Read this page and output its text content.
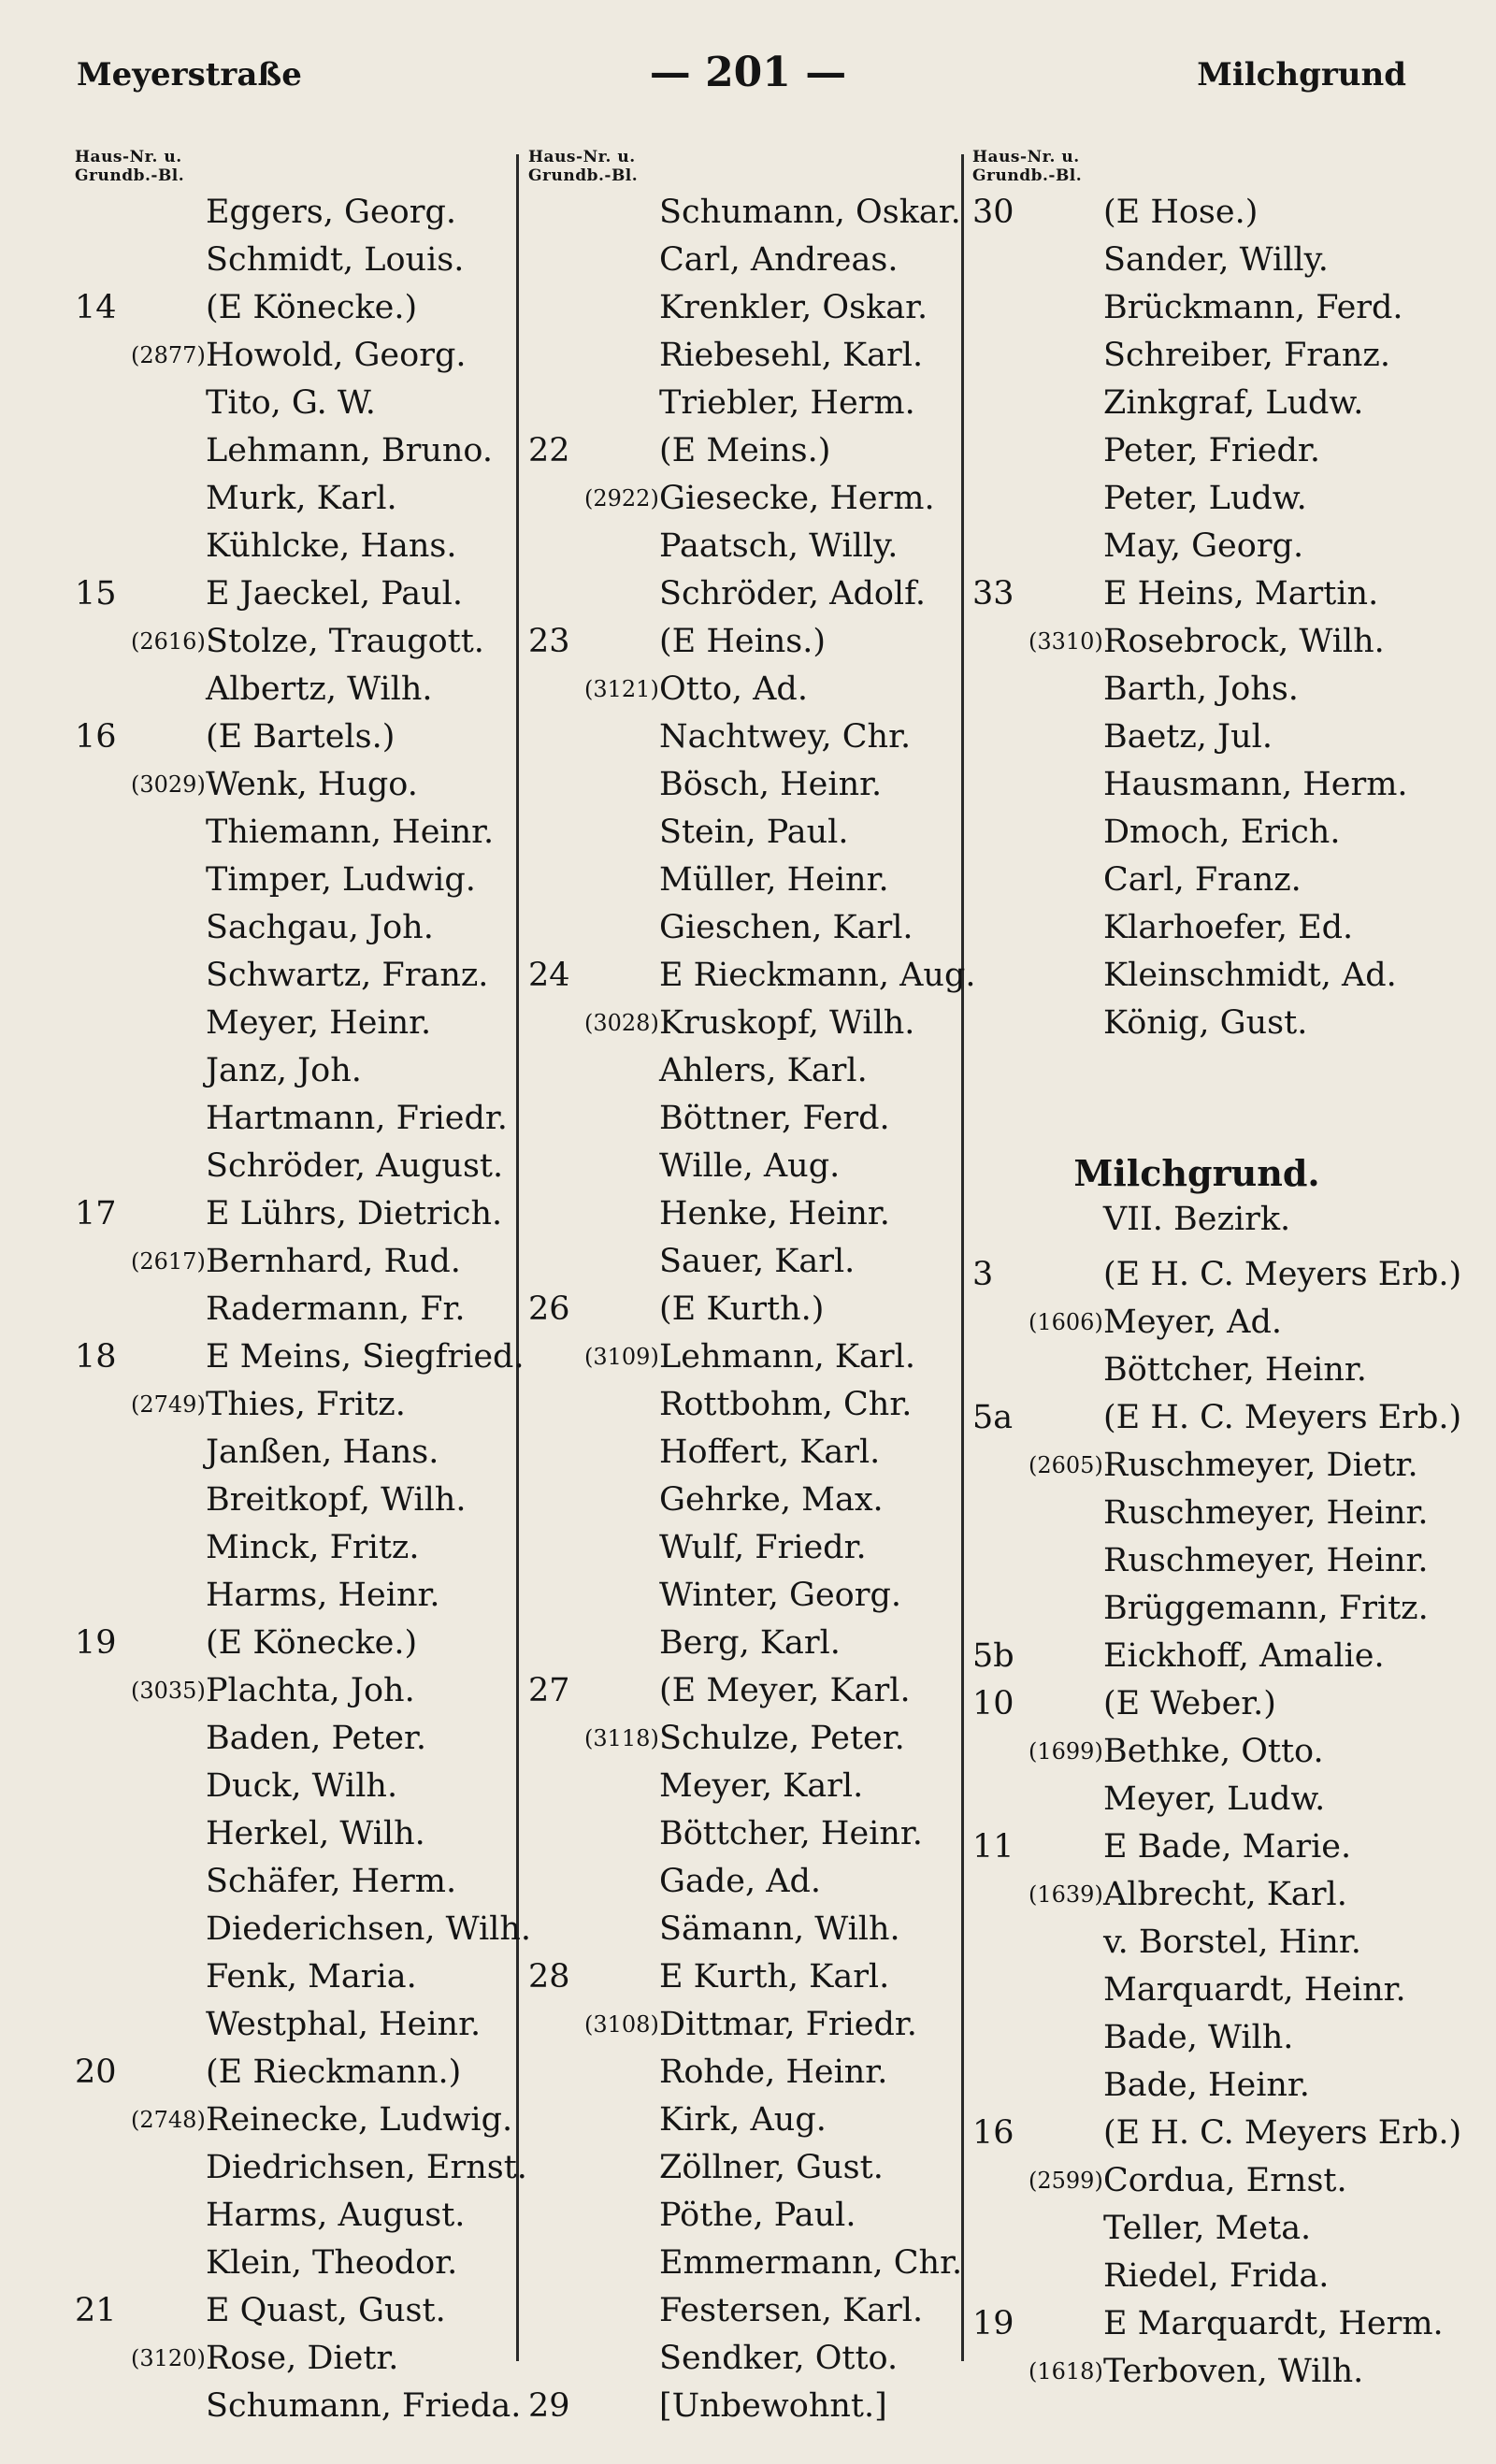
Meyerstraße	— 201 —	Milchgrund
Haus-Nr. u.
Grundb.-Bl.
Eggers, Georg.
Schmidt, Louis.
14	(E Könecke.)
(2877) Howold, Georg.
Tito, G. W.
Lehmann, Bruno.
Murk, Karl.
Kühlcke, Hans.
15	E Jaeckel, Paul.
(2616) Stolze, Traugott.
Albertz, Wilh.
16	(E Bartels.)
(3029) Wenk, Hugo.
Thiemann, Heinr.
Timper, Ludwig.
Sachgau, Joh.
Schwartz, Franz.
Meyer, Heinr.
Janz, Joh.
Hartmann, Friedr.
Schröder, August.
17	E Lührs, Dietrich.
(2617) Bernhard, Rud.
Radermann, Fr.
18	E Meins, Siegfried.
(2749) Thies, Fritz.
Janßen, Hans.
Breitkopf, Wilh.
Minck, Fritz.
Harms, Heinr.
19	(E Könecke.)
(3035) Plachta, Joh.
Baden, Peter.
Duck, Wilh.
Herkel, Wilh.
Schäfer, Herm.
Diederichsen, Wilh.
Fenk, Maria.
Westphal, Heinr.
20	(E Rieckmann.)
(2748) Reinecke, Ludwig.
Diedrichsen, Ernst.
Harms, August.
Klein, Theodor.
21	E Quast, Gust.
(3120) Rose, Dietr.
Schumann, Frieda.
Haus-Nr. u.
Grundb.-Bl.
Schumann, Oskar.
Carl, Andreas.
Krenkler, Oskar.
Riebesehl, Karl.
Triebler, Herm.
22	(E Meins.)
(2922) Giesecke, Herm.
Paatsch, Willy.
Schröder, Adolf.
23	(E Heins.)
(3121) Otto, Ad.
Nachtwey, Chr.
Bösch, Heinr.
Stein, Paul.
Müller, Heinr.
Gieschen, Karl.
24	E Rieckmann, Aug.
(3028) Kruskopf, Wilh.
Ahlers, Karl.
Böttner, Ferd.
Wille, Aug.
Henke, Heinr.
Sauer, Karl.
26	(E Kurth.)
(3109) Lehmann, Karl.
Rottbohm, Chr.
Hoffert, Karl.
Gehrke, Max.
Wulf, Friedr.
Winter, Georg.
Berg, Karl.
27	(E Meyer, Karl.
(3118) Schulze, Peter.
Meyer, Karl.
Böttcher, Heinr.
Gade, Ad.
Sämann, Wilh.
28	E Kurth, Karl.
(3108) Dittmar, Friedr.
Rohde, Heinr.
Kirk, Aug.
Zöllner, Gust.
Pöthe, Paul.
Emmermann, Chr.
Festersen, Karl.
Sendker, Otto.
29	[Unbewohnt.]
Haus-Nr. u.
Grundb.-Bl.
30	(E Hose.)
Sander, Willy.
Brückmann, Ferd.
Schreiber, Franz.
Zinkgraf, Ludw.
Peter, Friedr.
Peter, Ludw.
May, Georg.
33	E Heins, Martin.
(3310) Rosebrock, Wilh.
Barth, Johs.
Baetz, Jul.
Hausmann, Herm.
Dmoch, Erich.
Carl, Franz.
Klarhoefer, Ed.
Kleinschmidt, Ad.
König, Gust.
Milchgrund.
VII. Bezirk.
3	(E H. C. Meyers Erb.)
(1606) Meyer, Ad.
Böttcher, Heinr.
5a	(E H. C. Meyers Erb.)
(2605) Ruschmeyer, Dietr.
Ruschmeyer, Heinr.
Ruschmeyer, Heinr.
Brüggemann, Fritz.
5b	Eickhoff, Amalie.
10	(E Weber.)
(1699) Bethke, Otto.
Meyer, Ludw.
11	E Bade, Marie.
(1639) Albrecht, Karl.
v. Borstel, Hinr.
Marquardt, Heinr.
Bade, Wilh.
Bade, Heinr.
16	(E H. C. Meyers Erb.)
(2599) Cordua, Ernst.
Teller, Meta.
Riedel, Frida.
19	E Marquardt, Herm.
(1618) Terboven, Wilh.
